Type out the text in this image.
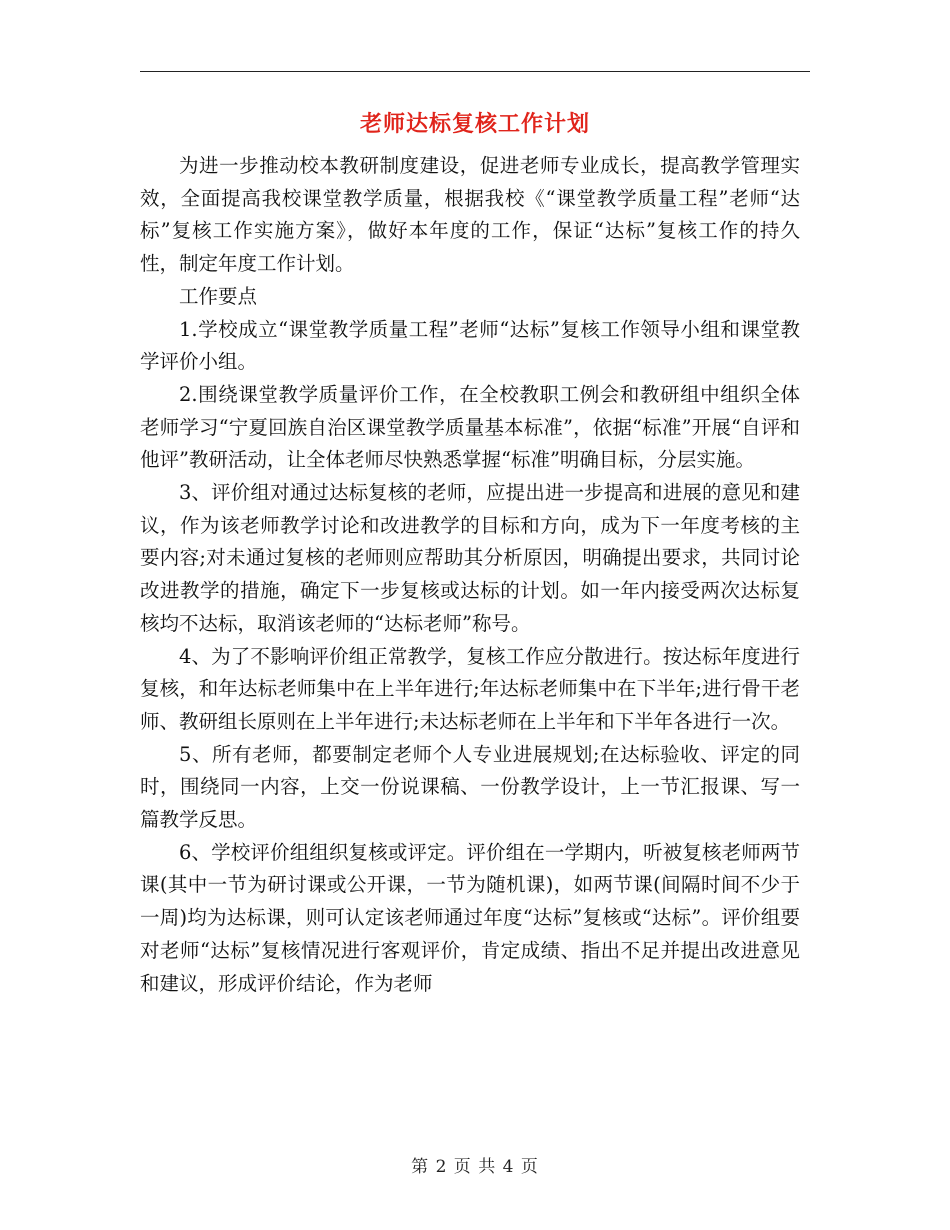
老师达标复核工作计划

为进一步推动校本教研制度建设，促进老师专业成长，提高教学管理实效，全面提高我校课堂教学质量，根据我校《“课堂教学质量工程”老师“达标”复核工作实施方案》，做好本年度的工作，保证“达标”复核工作的持久性，制定年度工作计划。

工作要点

1.学校成立“课堂教学质量工程”老师“达标”复核工作领导小组和课堂教学评价小组。

2.围绕课堂教学质量评价工作，在全校教职工例会和教研组中组织全体老师学习“宁夏回族自治区课堂教学质量基本标准”，依据“标准”开展“自评和他评”教研活动，让全体老师尽快熟悉掌握“标准”明确目标，分层实施。

3、评价组对通过达标复核的老师，应提出进一步提高和进展的意见和建议，作为该老师教学讨论和改进教学的目标和方向，成为下一年度考核的主要内容;对未通过复核的老师则应帮助其分析原因，明确提出要求，共同讨论改进教学的措施，确定下一步复核或达标的计划。如一年内接受两次达标复核均不达标，取消该老师的“达标老师”称号。

4、为了不影响评价组正常教学，复核工作应分散进行。按达标年度进行复核，和年达标老师集中在上半年进行;年达标老师集中在下半年;进行骨干老师、教研组长原则在上半年进行;未达标老师在上半年和下半年各进行一次。

5、所有老师，都要制定老师个人专业进展规划;在达标验收、评定的同时，围绕同一内容，上交一份说课稿、一份教学设计，上一节汇报课、写一篇教学反思。

6、学校评价组组织复核或评定。评价组在一学期内，听被复核老师两节课(其中一节为研讨课或公开课，一节为随机课)，如两节课(间隔时间不少于一周)均为达标课，则可认定该老师通过年度“达标”复核或“达标”。评价组要对老师“达标”复核情况进行客观评价，肯定成绩、指出不足并提出改进意见和建议，形成评价结论，作为老师

第 2 页 共 4 页
